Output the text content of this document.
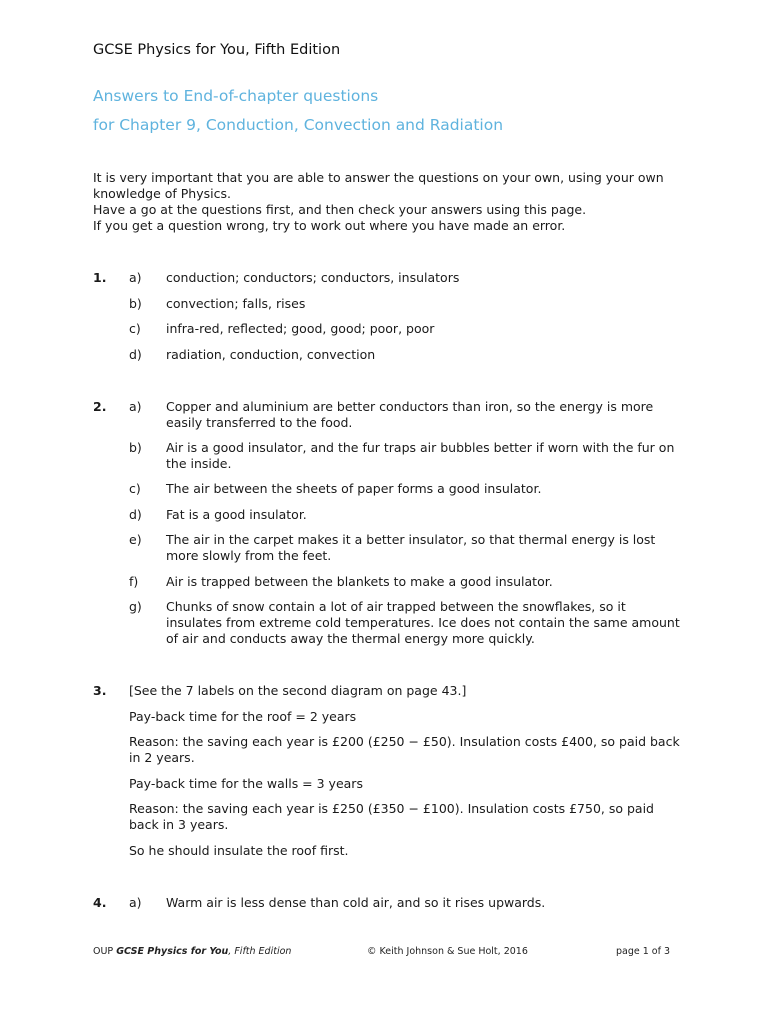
GCSE Physics for You, Fifth Edition
Answers to End-of-chapter questions
for Chapter 9, Conduction, Convection and Radiation

It is very important that you are able to answer the questions on your own, using your own knowledge of Physics.

Have a go at the questions first, and then check your answers using this page.

If you get a question wrong, try to work out where you have made an error.

1. a) conduction; conductors; conductors, insulators
b) convection; falls, rises
c) infra-red, reflected; good, good; poor, poor
d) radiation, conduction, convection
2. a) Copper and aluminium are better conductors than iron, so the energy is more easily transferred to the food.
b) Air is a good insulator, and the fur traps air bubbles better if worn with the fur on the inside.
c) The air between the sheets of paper forms a good insulator.
d) Fat is a good insulator.
e) The air in the carpet makes it a better insulator, so that thermal energy is lost more slowly from the feet.
f) Air is trapped between the blankets to make a good insulator.
g) Chunks of snow contain a lot of air trapped between the snowflakes, so it insulates from extreme cold temperatures. Ice does not contain the same amount of air and conducts away the thermal energy more quickly.
3. [See the 7 labels on the second diagram on page 43.]
Pay-back time for the roof = 2 years
Reason: the saving each year is £200 (£250 − £50). Insulation costs £400, so paid back in 2 years.
Pay-back time for the walls = 3 years
Reason: the saving each year is £250 (£350 − £100). Insulation costs £750, so paid back in 3 years.
So he should insulate the roof first.
4. a) Warm air is less dense than cold air, and so it rises upwards.
OUP GCSE Physics for You, Fifth Edition	© Keith Johnson & Sue Holt, 2016	page 1 of 3
